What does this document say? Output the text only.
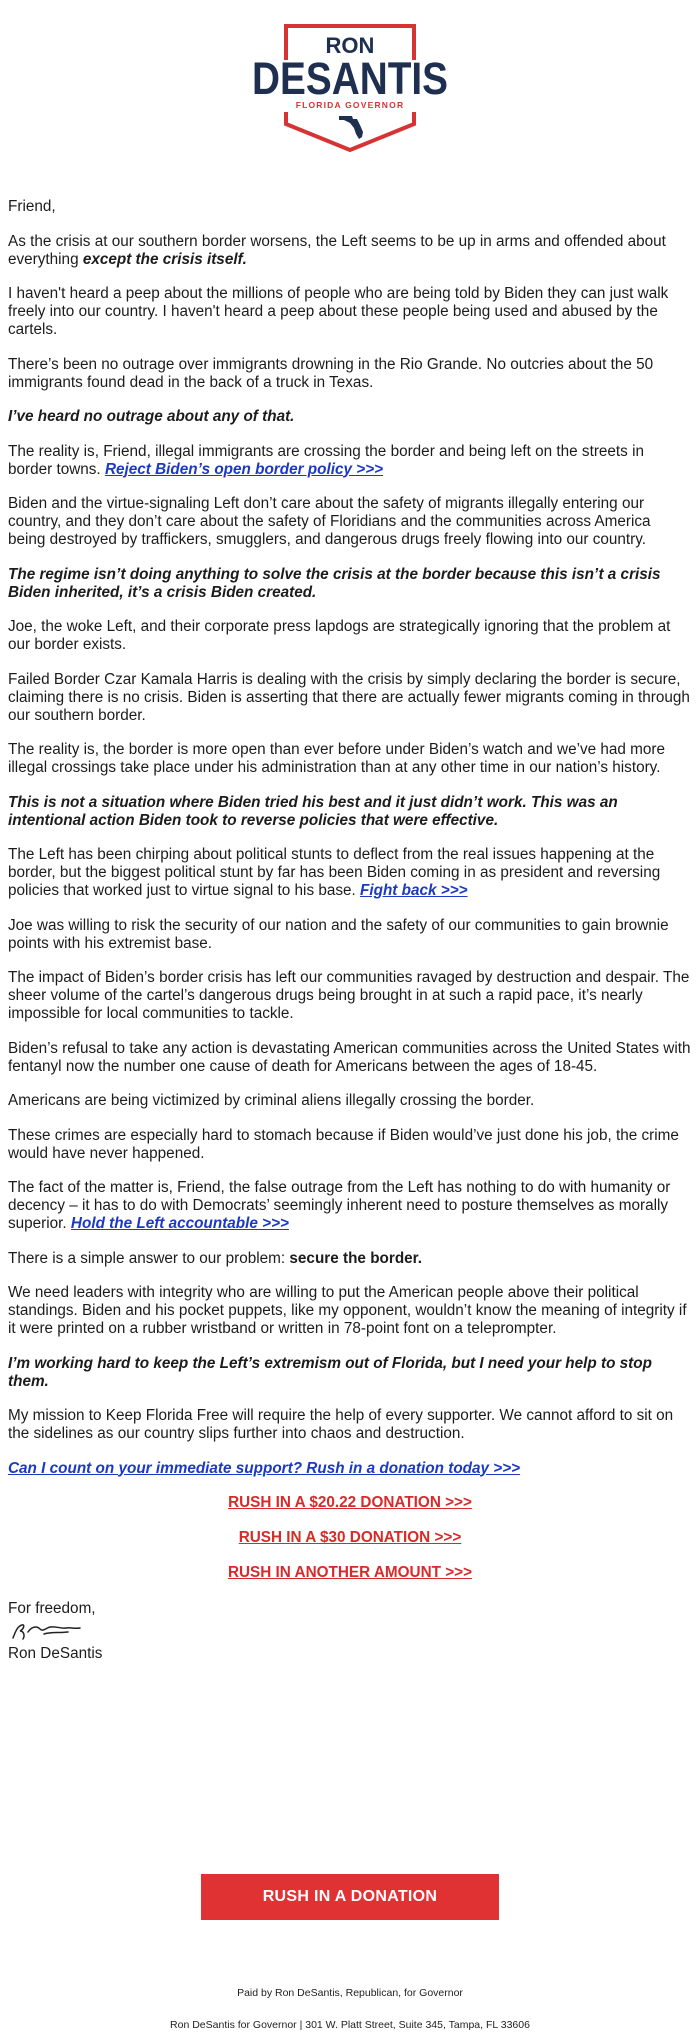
RON
DESANTIS
FLORIDA GOVERNOR

Friend,

As the crisis at our southern border worsens, the Left seems to be up in arms and offended about everything except the crisis itself.

I haven't heard a peep about the millions of people who are being told by Biden they can just walk freely into our country. I haven't heard a peep about these people being used and abused by the cartels.

There’s been no outrage over immigrants drowning in the Rio Grande. No outcries about the 50 immigrants found dead in the back of a truck in Texas.

I’ve heard no outrage about any of that.

The reality is, Friend, illegal immigrants are crossing the border and being left on the streets in border towns. Reject Biden’s open border policy >>>

Biden and the virtue-signaling Left don’t care about the safety of migrants illegally entering our country, and they don’t care about the safety of Floridians and the communities across America being destroyed by traffickers, smugglers, and dangerous drugs freely flowing into our country.

The regime isn’t doing anything to solve the crisis at the border because this isn’t a crisis Biden inherited, it’s a crisis Biden created.

Joe, the woke Left, and their corporate press lapdogs are strategically ignoring that the problem at our border exists.

Failed Border Czar Kamala Harris is dealing with the crisis by simply declaring the border is secure, claiming there is no crisis. Biden is asserting that there are actually fewer migrants coming in through our southern border.

The reality is, the border is more open than ever before under Biden’s watch and we’ve had more illegal crossings take place under his administration than at any other time in our nation’s history.

This is not a situation where Biden tried his best and it just didn’t work. This was an intentional action Biden took to reverse policies that were effective.

The Left has been chirping about political stunts to deflect from the real issues happening at the border, but the biggest political stunt by far has been Biden coming in as president and reversing policies that worked just to virtue signal to his base. Fight back >>>

Joe was willing to risk the security of our nation and the safety of our communities to gain brownie points with his extremist base.

The impact of Biden’s border crisis has left our communities ravaged by destruction and despair. The sheer volume of the cartel’s dangerous drugs being brought in at such a rapid pace, it’s nearly impossible for local communities to tackle.

Biden’s refusal to take any action is devastating American communities across the United States with fentanyl now the number one cause of death for Americans between the ages of 18-45.

Americans are being victimized by criminal aliens illegally crossing the border.

These crimes are especially hard to stomach because if Biden would’ve just done his job, the crime would have never happened.

The fact of the matter is, Friend, the false outrage from the Left has nothing to do with humanity or decency – it has to do with Democrats’ seemingly inherent need to posture themselves as morally superior. Hold the Left accountable >>>

There is a simple answer to our problem: secure the border.

We need leaders with integrity who are willing to put the American people above their political standings. Biden and his pocket puppets, like my opponent, wouldn’t know the meaning of integrity if it were printed on a rubber wristband or written in 78-point font on a teleprompter.

I’m working hard to keep the Left’s extremism out of Florida, but I need your help to stop them.

My mission to Keep Florida Free will require the help of every supporter. We cannot afford to sit on the sidelines as our country slips further into chaos and destruction.

Can I count on your immediate support? Rush in a donation today >>>

RUSH IN A $20.22 DONATION >>>

RUSH IN A $30 DONATION >>>

RUSH IN ANOTHER AMOUNT >>>

For freedom,
Ron DeSantis
RUSH IN A DONATION
Paid by Ron DeSantis, Republican, for Governor
Ron DeSantis for Governor | 301 W. Platt Street, Suite 345, Tampa, FL 33606
